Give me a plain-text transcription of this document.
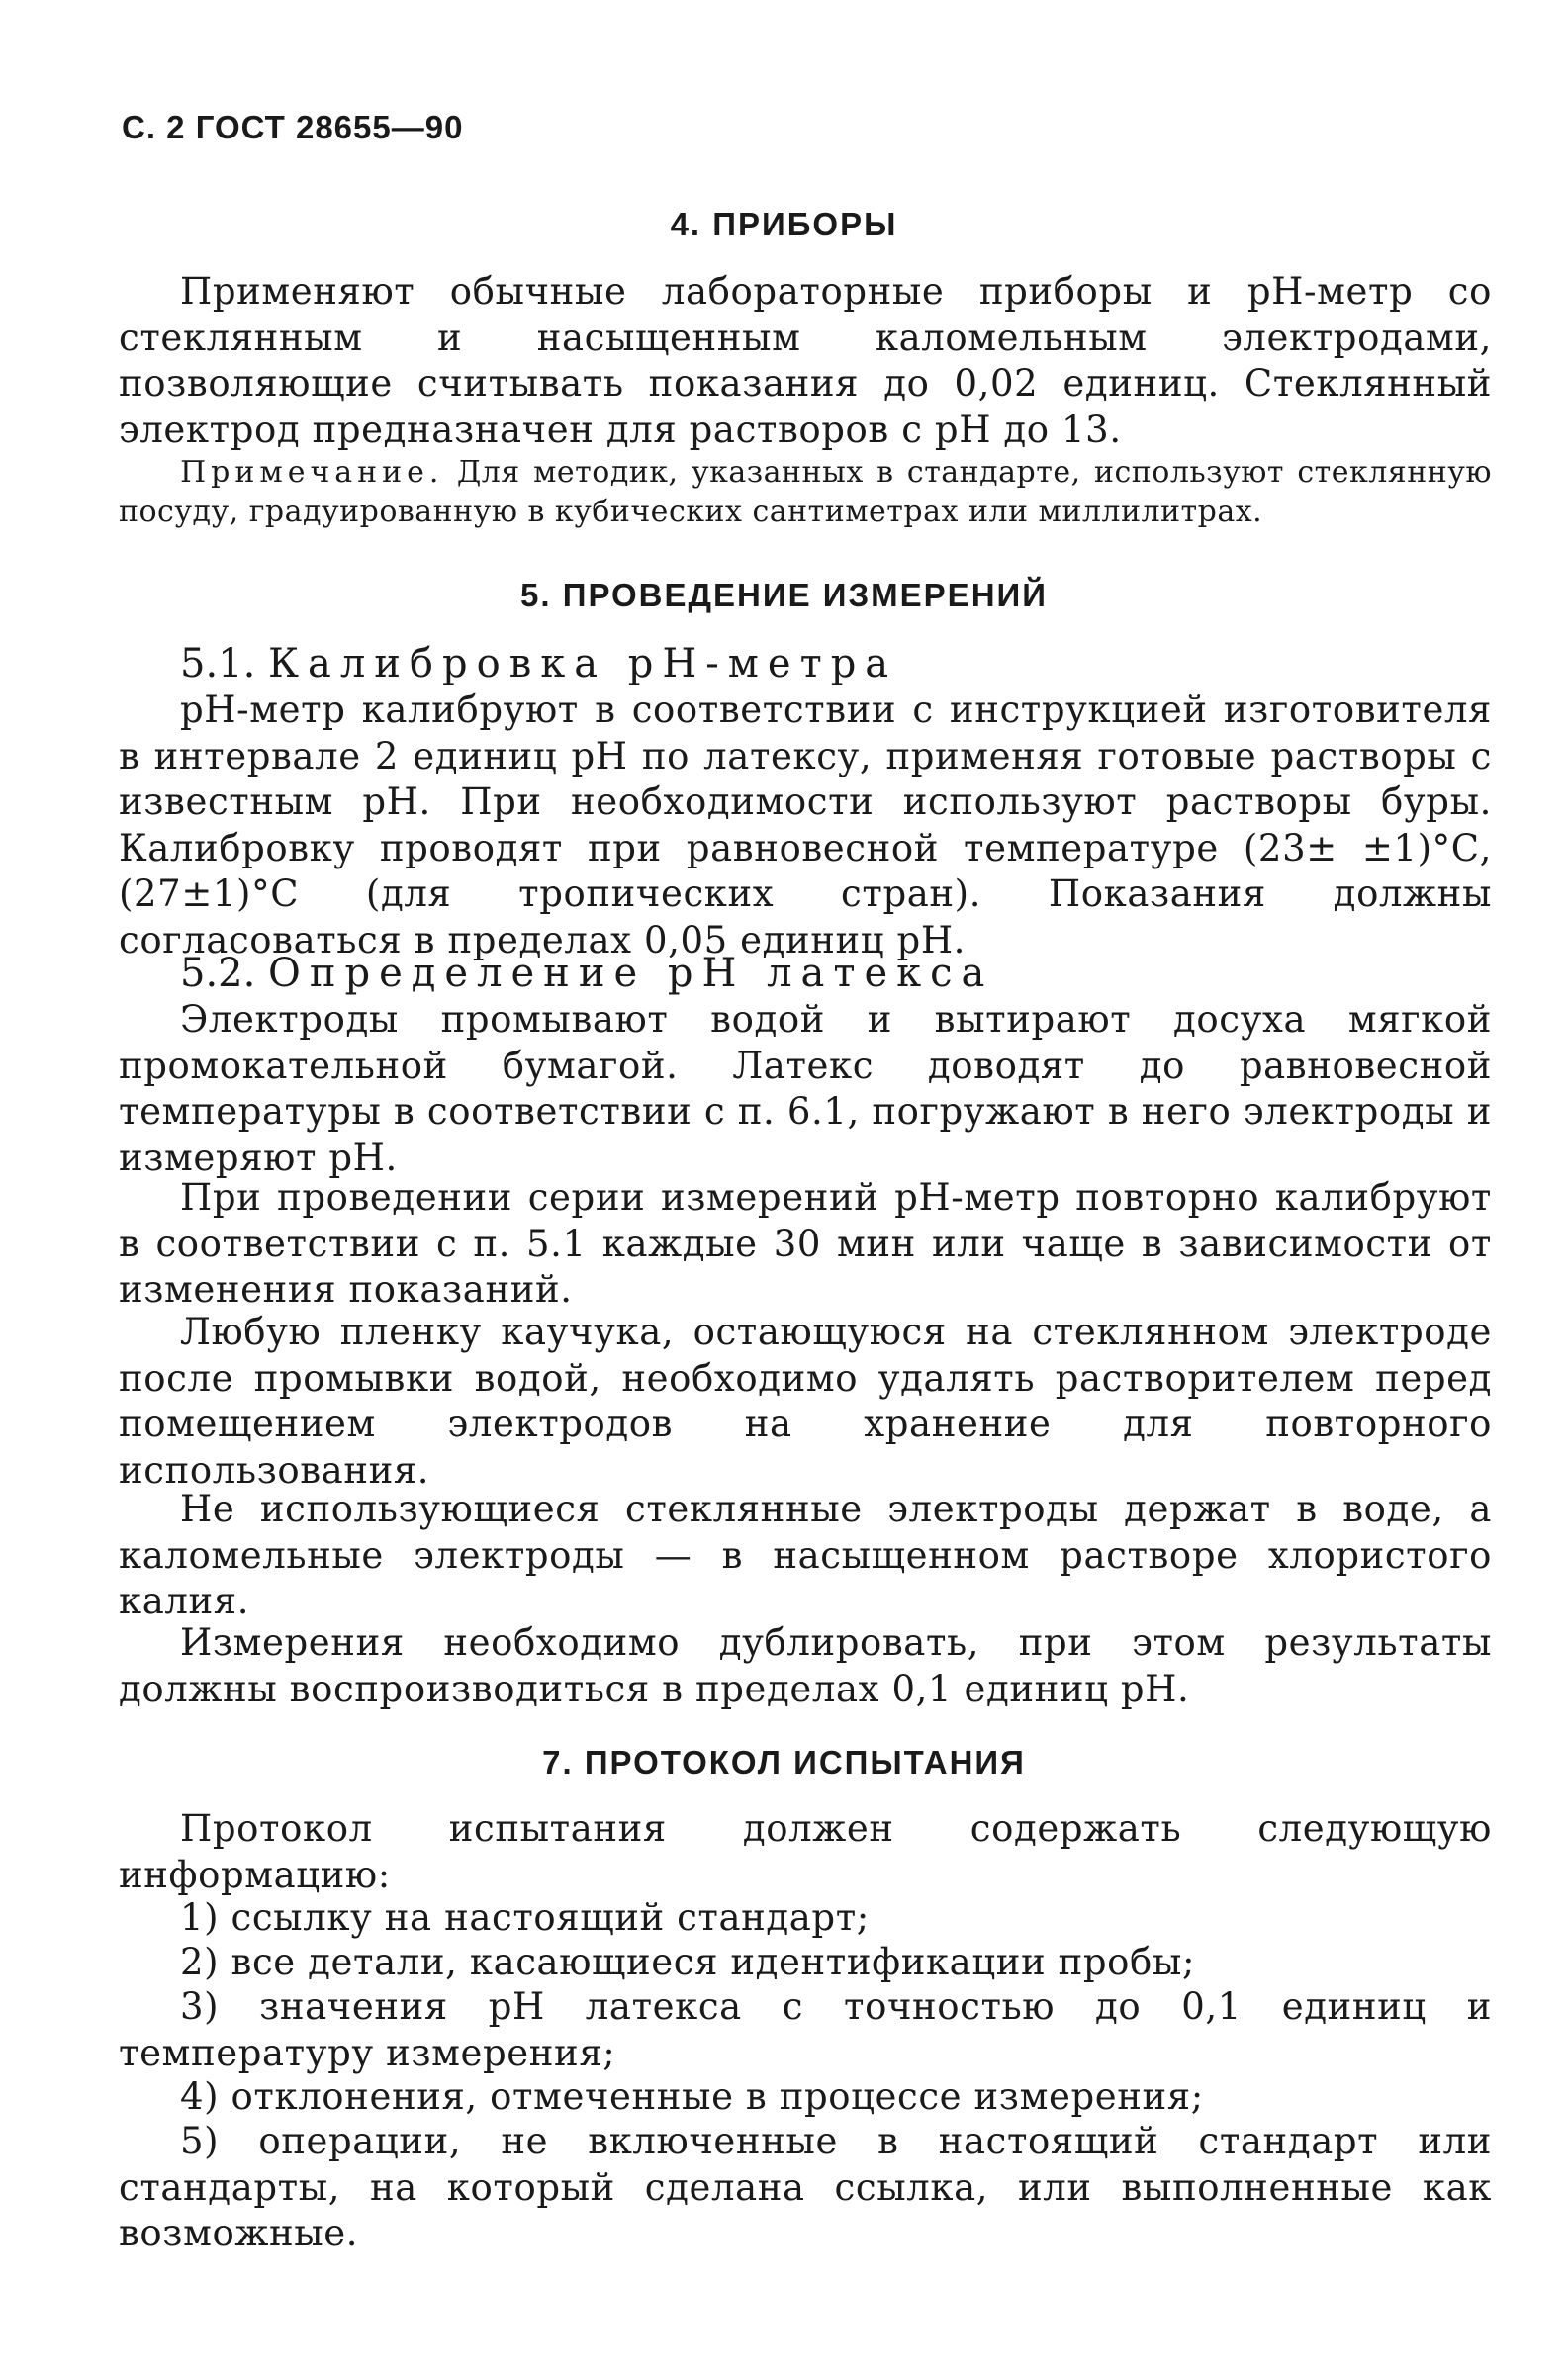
С. 2 ГОСТ 28655—90
4. ПРИБОРЫ
Применяют обычные лабораторные приборы и рН-метр со стеклянным и насыщенным каломельным электродами, позволяющие считывать показания до 0,02 единиц. Стеклянный электрод предназначен для растворов с рН до 13.
Примечание. Для методик, указанных в стандарте, используют стеклянную посуду, градуированную в кубических сантиметрах или миллилитрах.
5. ПРОВЕДЕНИЕ ИЗМЕРЕНИЙ
5.1. Калибровка рН-метра
рН-метр калибруют в соответствии с инструкцией изготовителя в интервале 2 единиц рН по латексу, применяя готовые растворы с известным рН. При необходимости используют растворы буры. Калибровку проводят при равновесной температуре (23± ±1)°С, (27±1)°С (для тропических стран). Показания должны согласоваться в пределах 0,05 единиц рН.
5.2. Определение рН латекса
Электроды промывают водой и вытирают досуха мягкой промокательной бумагой. Латекс доводят до равновесной температуры в соответствии с п. 6.1, погружают в него электроды и измеряют рН.
При проведении серии измерений рН-метр повторно калибруют в соответствии с п. 5.1 каждые 30 мин или чаще в зависимости от изменения показаний.
Любую пленку каучука, остающуюся на стеклянном электроде после промывки водой, необходимо удалять растворителем перед помещением электродов на хранение для повторного использования.
Не использующиеся стеклянные электроды держат в воде, а каломельные электроды — в насыщенном растворе хлористого калия.
Измерения необходимо дублировать, при этом результаты должны воспроизводиться в пределах 0,1 единиц рН.
7. ПРОТОКОЛ ИСПЫТАНИЯ
Протокол испытания должен содержать следующую информацию:
1) ссылку на настоящий стандарт;
2) все детали, касающиеся идентификации пробы;
3) значения рН латекса с точностью до 0,1 единиц и температуру измерения;
4) отклонения, отмеченные в процессе измерения;
5) операции, не включенные в настоящий стандарт или стандарты, на который сделана ссылка, или выполненные как возможные.
